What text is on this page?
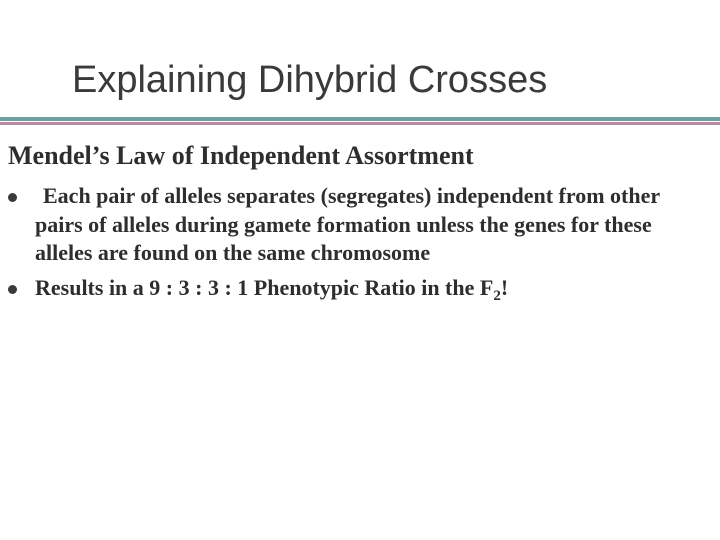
Explaining Dihybrid Crosses
Mendel’s Law of Independent Assortment
Each pair of alleles separates (segregates) independent from other pairs of alleles during gamete formation unless the genes for these alleles are found on the same chromosome
Results in a 9 : 3 : 3 : 1 Phenotypic Ratio in the $F_2$!
